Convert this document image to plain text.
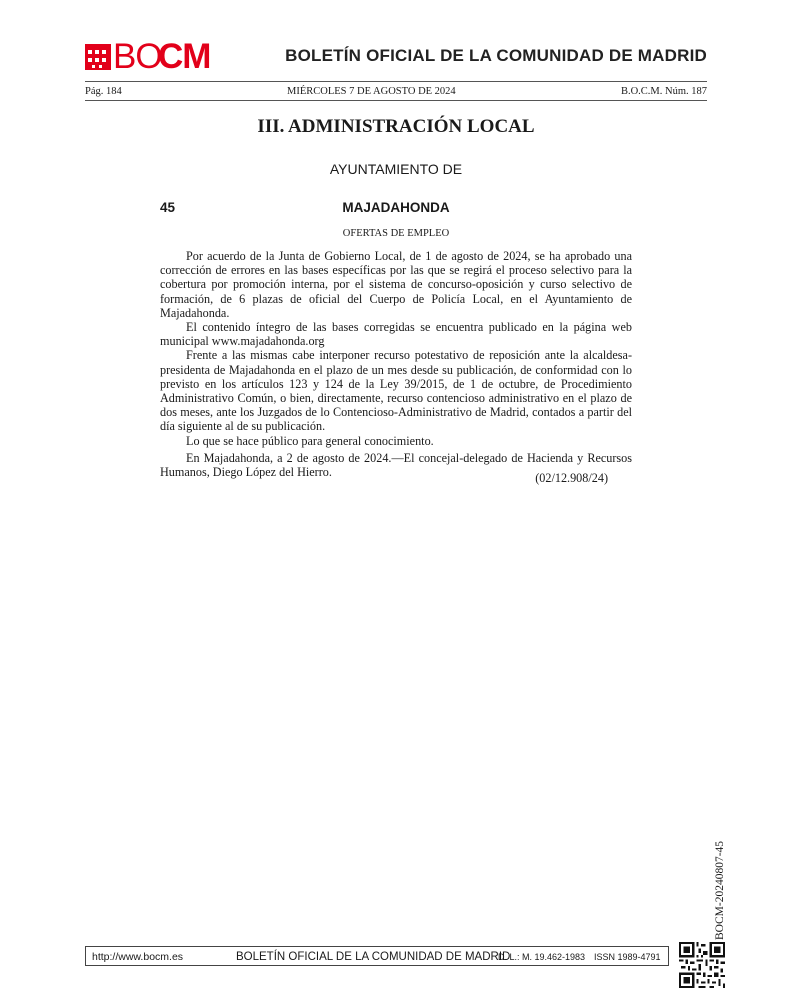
BO
CM	BOLETÍN OFICIAL DE LA COMUNIDAD DE MADRID
Pág. 184	MIÉRCOLES 7 DE AGOSTO DE 2024	B.O.C.M. Núm. 187
III. ADMINISTRACIÓN LOCAL
AYUNTAMIENTO DE
45	MAJADAHONDA
OFERTAS DE EMPLEO

Por acuerdo de la Junta de Gobierno Local, de 1 de agosto de 2024, se ha aprobado una corrección de errores en las bases específicas por las que se regirá el proceso selectivo para la cobertura por promoción interna, por el sistema de concurso-oposición y curso selectivo de formación, de 6 plazas de oficial del Cuerpo de Policía Local, en el Ayuntamiento de Majadahonda.

El contenido íntegro de las bases corregidas se encuentra publicado en la página web municipal www.majadahonda.org

Frente a las mismas cabe interponer recurso potestativo de reposición ante la alcaldesa-presidenta de Majadahonda en el plazo de un mes desde su publicación, de conformidad con lo previsto en los artículos 123 y 124 de la Ley 39/2015, de 1 de octubre, de Procedimiento Administrativo Común, o bien, directamente, recurso contencioso administrativo en el plazo de dos meses, ante los Juzgados de lo Contencioso-Administrativo de Madrid, contados a partir del día siguiente al de su publicación.

Lo que se hace público para general conocimiento.

En Majadahonda, a 2 de agosto de 2024.—El concejal-delegado de Hacienda y Recursos Humanos, Diego López del Hierro.	(02/12.908/24)
BOCM-20240807-45
http://www.bocm.es	BOLETÍN OFICIAL DE LA COMUNIDAD DE MADRID
D. L.: M. 19.462-1983 ISSN 1989-4791
